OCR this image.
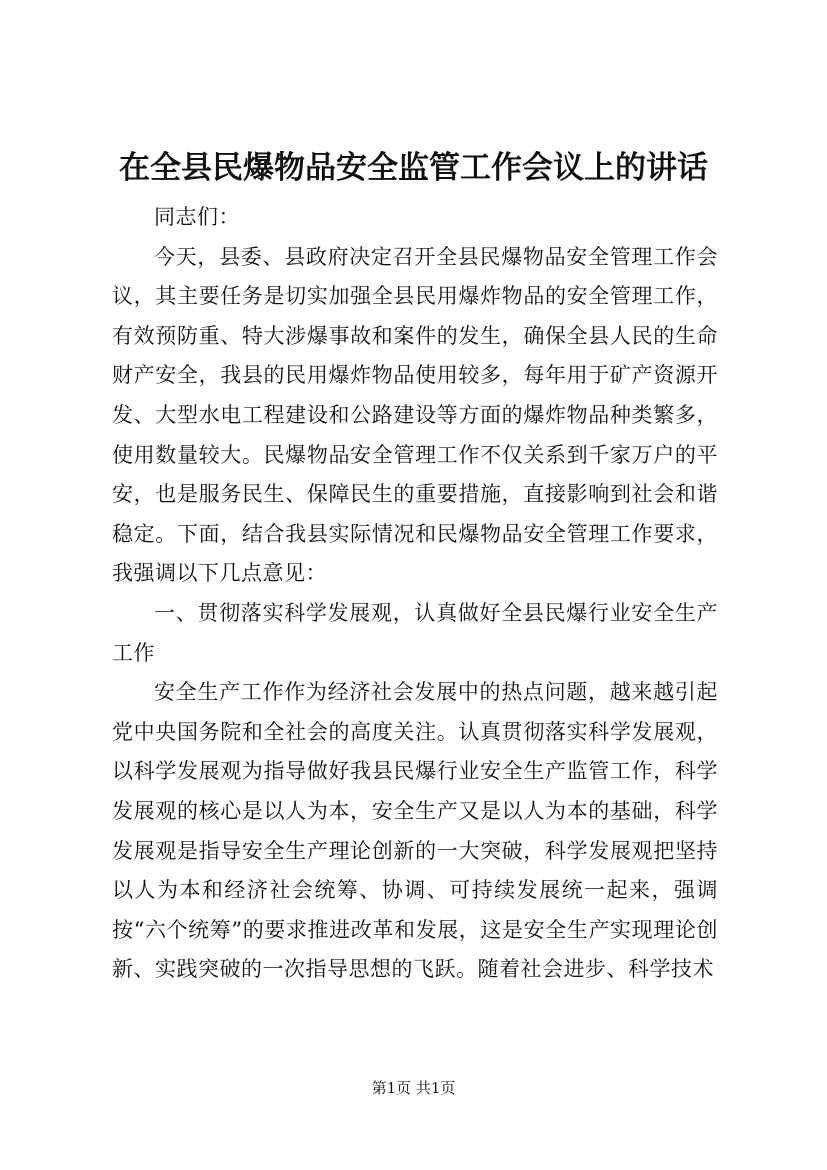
在全县民爆物品安全监管工作会议上的讲话

同志们：

今天，县委、县政府决定召开全县民爆物品安全管理工作会议，其主要任务是切实加强全县民用爆炸物品的安全管理工作，有效预防重、特大涉爆事故和案件的发生，确保全县人民的生命财产安全，我县的民用爆炸物品使用较多，每年用于矿产资源开发、大型水电工程建设和公路建设等方面的爆炸物品种类繁多，使用数量较大。民爆物品安全管理工作不仅关系到千家万户的平安，也是服务民生、保障民生的重要措施，直接影响到社会和谐稳定。下面，结合我县实际情况和民爆物品安全管理工作要求，我强调以下几点意见：

一、贯彻落实科学发展观，认真做好全县民爆行业安全生产工作

安全生产工作作为经济社会发展中的热点问题，越来越引起党中央国务院和全社会的高度关注。认真贯彻落实科学发展观，以科学发展观为指导做好我县民爆行业安全生产监管工作，科学发展观的核心是以人为本，安全生产又是以人为本的基础，科学发展观是指导安全生产理论创新的一大突破，科学发展观把坚持以人为本和经济社会统筹、协调、可持续发展统一起来，强调按“六个统筹”的要求推进改革和发展，这是安全生产实现理论创新、实践突破的一次指导思想的飞跃。随着社会进步、科学技术

第1页 共1页
